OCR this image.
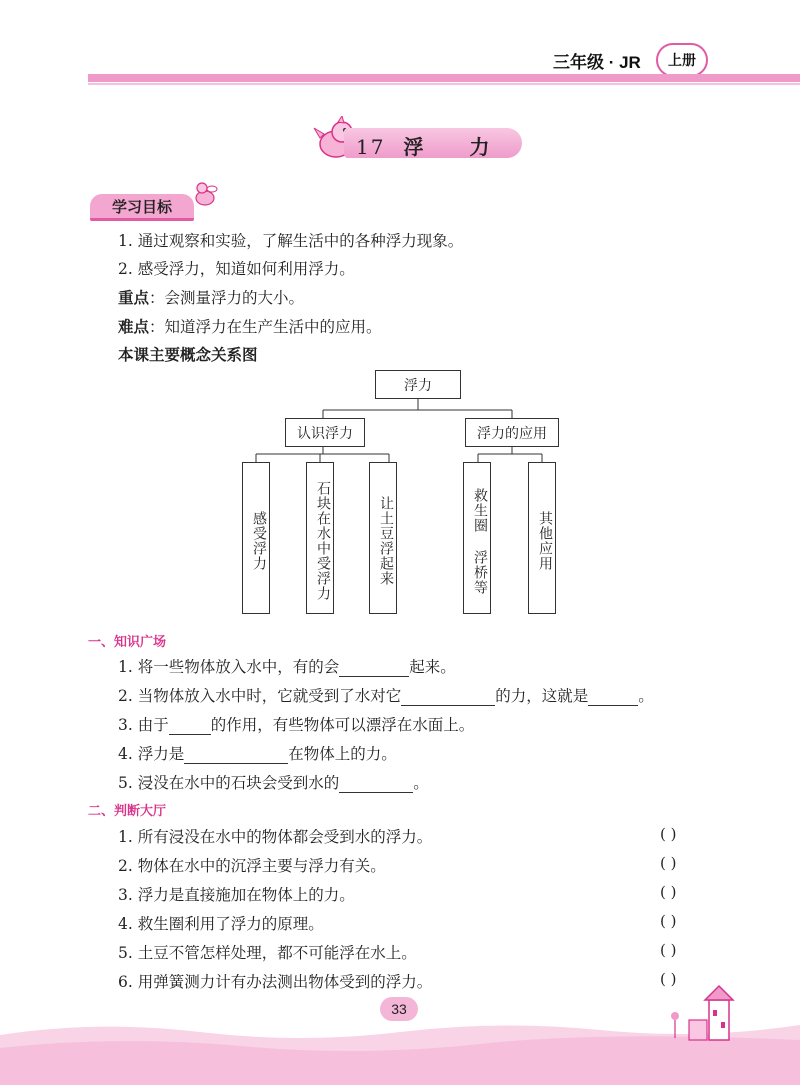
三年级 · JR	上册
17 浮 力
学习目标
1. 通过观察和实验，了解生活中的各种浮力现象。
2. 感受浮力，知道如何利用浮力。
重点：会测量浮力的大小。
难点：知道浮力在生产生活中的应用。
本课主要概念关系图
浮力
认识浮力	浮力的应用
感受浮力	石块在水中受浮力	让土豆浮起来	救生圈 浮桥等	其他应用
一、知识广场
1. 将一些物体放入水中，有的会	起来。
2. 当物体放入水中时，它就受到了水对它	的力，这就是	。
3. 由于	的作用，有些物体可以漂浮在水面上。
4. 浮力是	在物体上的力。
5. 浸没在水中的石块会受到水的	。
二、判断大厅
1. 所有浸没在水中的物体都会受到水的浮力。	( )
2. 物体在水中的沉浮主要与浮力有关。	( )
3. 浮力是直接施加在物体上的力。	( )
4. 救生圈利用了浮力的原理。	( )
5. 土豆不管怎样处理，都不可能浮在水上。	( )
6. 用弹簧测力计有办法测出物体受到的浮力。	( )
33
